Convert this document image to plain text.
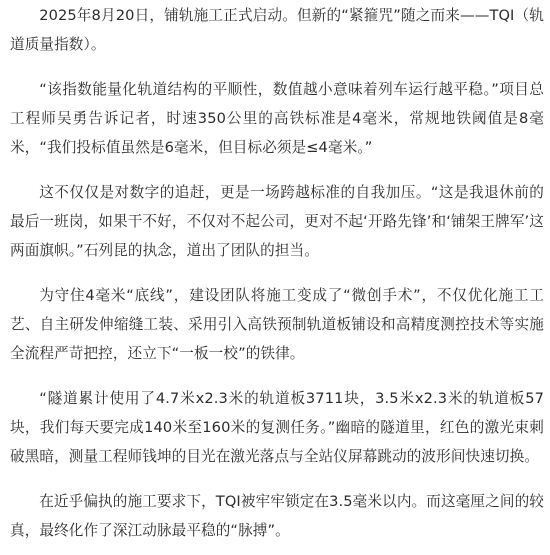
2025年8月20日，铺轨施工正式启动。但新的“紧箍咒”随之而来——TQI（轨道质量指数）。

“该指数能量化轨道结构的平顺性，数值越小意味着列车运行越平稳。”项目总工程师吴勇告诉记者，时速350公里的高铁标准是4毫米，常规地铁阈值是8毫米，“我们投标值虽然是6毫米，但目标必须是≤4毫米。”

这不仅仅是对数字的追赶，更是一场跨越标准的自我加压。“这是我退休前的最后一班岗，如果干不好，不仅对不起公司，更对不起‘开路先锋’和‘铺架王牌军’这两面旗帜。”石列昆的执念，道出了团队的担当。

为守住4毫米“底线”，建设团队将施工变成了“微创手术”，不仅优化施工工艺、自主研发伸缩缝工装、采用引入高铁预制轨道板铺设和高精度测控技术等实施全流程严苛把控，还立下“一板一校”的铁律。

“隧道累计使用了4.7米x2.3米的轨道板3711块，3.5米x2.3米的轨道板57块，我们每天要完成140米至160米的复测任务。”幽暗的隧道里，红色的激光束刺破黑暗，测量工程师钱坤的目光在激光落点与全站仪屏幕跳动的波形间快速切换。

在近乎偏执的施工要求下，TQI被牢牢锁定在3.5毫米以内。而这毫厘之间的较真，最终化作了深江动脉最平稳的“脉搏”。
